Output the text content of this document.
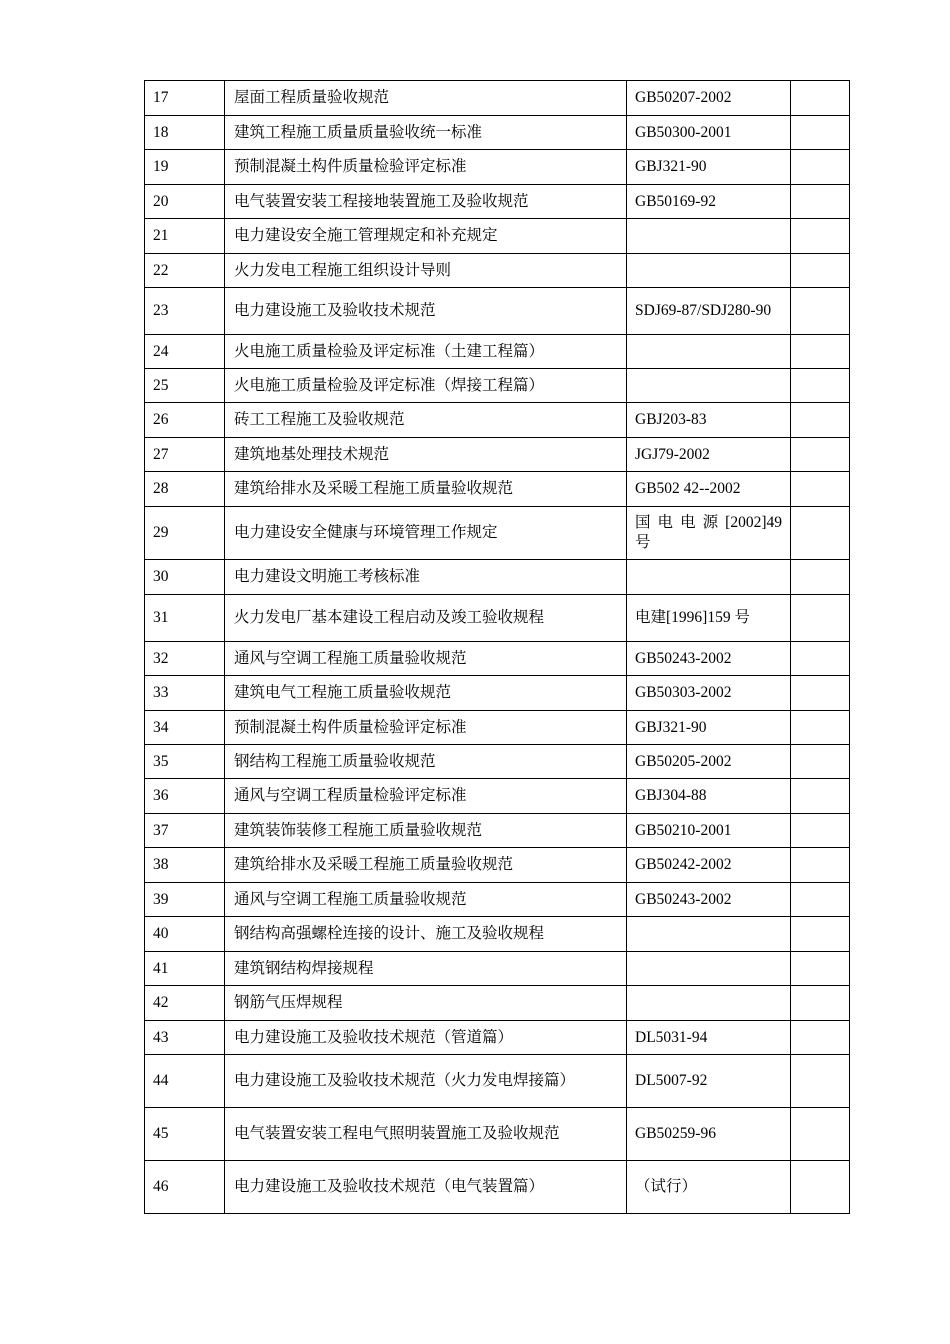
17	屋面工程质量验收规范	GB50207-2002	
18	建筑工程施工质量质量验收统一标准	GB50300-2001	
19	预制混凝土构件质量检验评定标准	GBJ321-90	
20	电气装置安装工程接地装置施工及验收规范	GB50169-92	
21	电力建设安全施工管理规定和补充规定		
22	火力发电工程施工组织设计导则		
23	电力建设施工及验收技术规范	SDJ69-87/SDJ280-90	
24	火电施工质量检验及评定标准（土建工程篇）		
25	火电施工质量检验及评定标准（焊接工程篇）		
26	砖工工程施工及验收规范	GBJ203-83	
27	建筑地基处理技术规范	JGJ79-2002	
28	建筑给排水及采暖工程施工质量验收规范	GB502 42--2002	
29	电力建设安全健康与环境管理工作规定	国 电 电 源 [2002]49 号	
30	电力建设文明施工考核标准		
31	火力发电厂基本建设工程启动及竣工验收规程	电建[1996]159 号	
32	通风与空调工程施工质量验收规范	GB50243-2002	
33	建筑电气工程施工质量验收规范	GB50303-2002	
34	预制混凝土构件质量检验评定标准	GBJ321-90	
35	钢结构工程施工质量验收规范	GB50205-2002	
36	通风与空调工程质量检验评定标准	GBJ304-88	
37	建筑装饰装修工程施工质量验收规范	GB50210-2001	
38	建筑给排水及采暖工程施工质量验收规范	GB50242-2002	
39	通风与空调工程施工质量验收规范	GB50243-2002	
40	钢结构高强螺栓连接的设计、施工及验收规程		
41	建筑钢结构焊接规程		
42	钢筋气压焊规程		
43	电力建设施工及验收技术规范（管道篇）	DL5031-94	
44	电力建设施工及验收技术规范（火力发电焊接篇）	DL5007-92	
45	电气装置安装工程电气照明装置施工及验收规范	GB50259-96	
46	电力建设施工及验收技术规范（电气装置篇）	（试行）	
